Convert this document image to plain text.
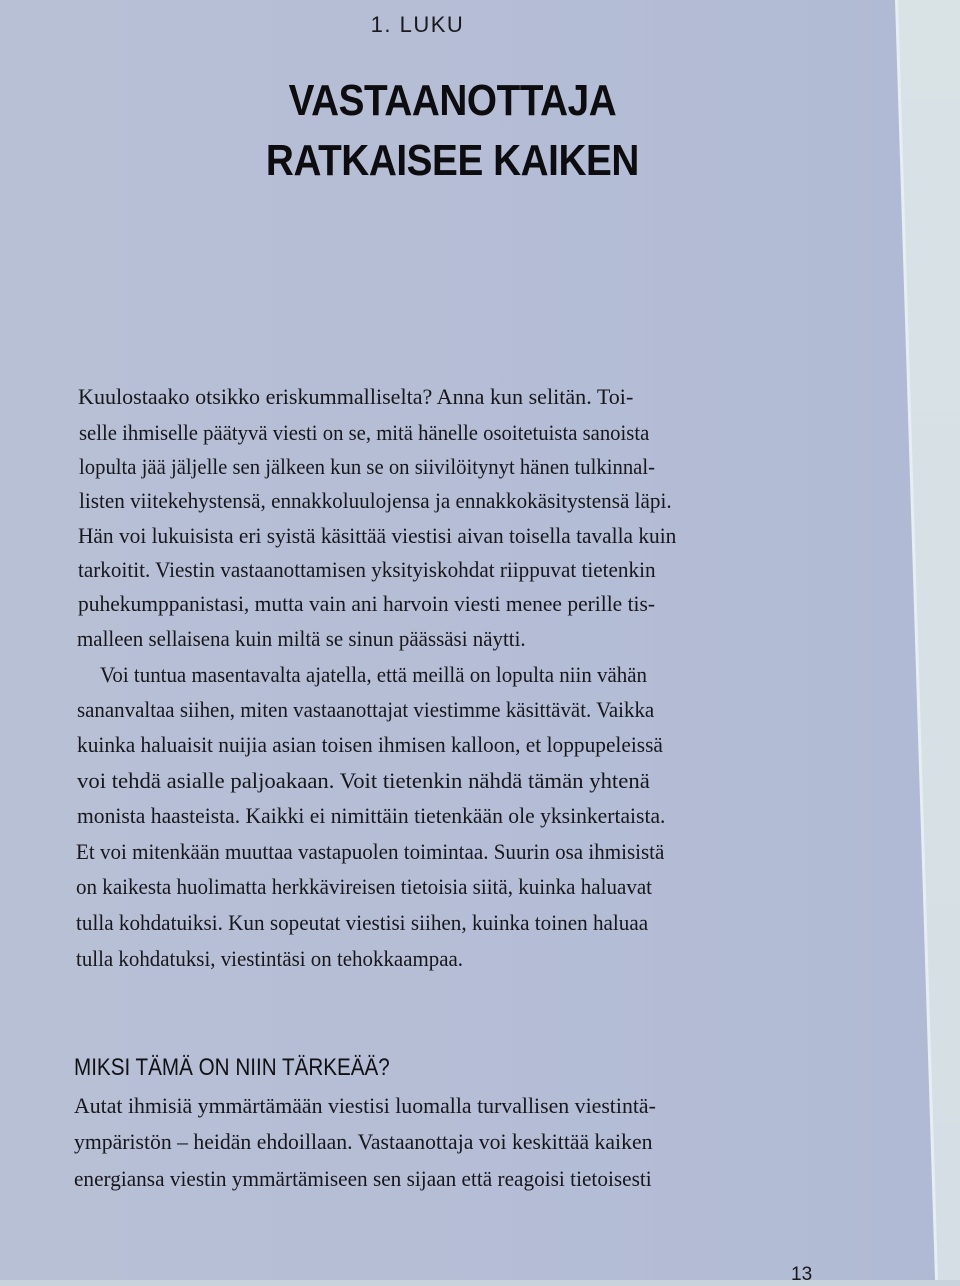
1. LUKU
VASTAANOTTAJA
RATKAISEE KAIKEN
Kuulostaako otsikko eriskummalliselta? Anna kun selitän. Toi-
selle ihmiselle päätyvä viesti on se, mitä hänelle osoitetuista sanoista
lopulta jää jäljelle sen jälkeen kun se on siivilöitynyt hänen tulkinnal-
listen viitekehystensä, ennakkoluulojensa ja ennakkokäsitystensä läpi.
Hän voi lukuisista eri syistä käsittää viestisi aivan toisella tavalla kuin
tarkoitit. Viestin vastaanottamisen yksityiskohdat riippuvat tietenkin
puhekumppanistasi, mutta vain ani harvoin viesti menee perille tis-
malleen sellaisena kuin miltä se sinun päässäsi näytti.
Voi tuntua masentavalta ajatella, että meillä on lopulta niin vähän
sananvaltaa siihen, miten vastaanottajat viestimme käsittävät. Vaikka
kuinka haluaisit nuijia asian toisen ihmisen kalloon, et loppupeleissä
voi tehdä asialle paljoakaan. Voit tietenkin nähdä tämän yhtenä
monista haasteista. Kaikki ei nimittäin tietenkään ole yksinkertaista.
Et voi mitenkään muuttaa vastapuolen toimintaa. Suurin osa ihmisistä
on kaikesta huolimatta herkkävireisen tietoisia siitä, kuinka haluavat
tulla kohdatuiksi. Kun sopeutat viestisi siihen, kuinka toinen haluaa
tulla kohdatuksi, viestintäsi on tehokkaampaa.
MIKSI TÄMÄ ON NIIN TÄRKEÄÄ?
Autat ihmisiä ymmärtämään viestisi luomalla turvallisen viestintä-
ympäristön – heidän ehdoillaan. Vastaanottaja voi keskittää kaiken
energiansa viestin ymmärtämiseen sen sijaan että reagoisi tietoisesti
13
